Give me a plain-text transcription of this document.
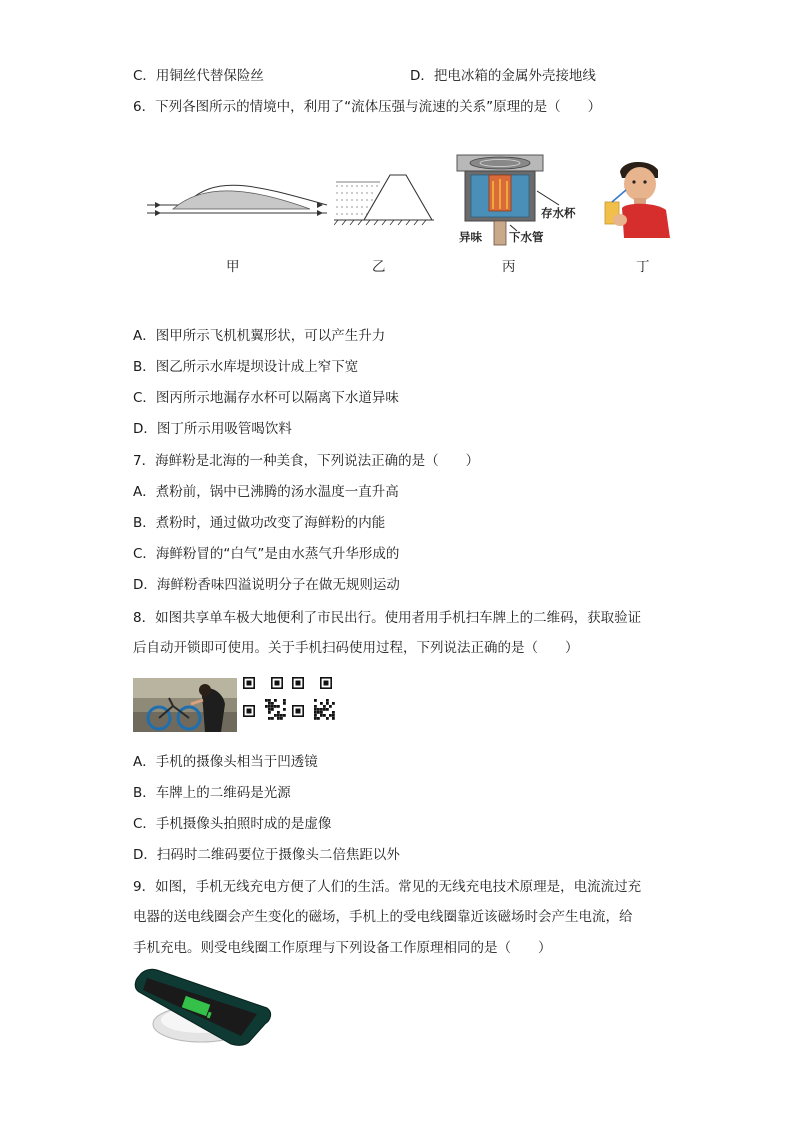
C．用铜丝代替保险丝	D．把电冰箱的金属外壳接地线
6．下列各图所示的情境中，利用了“流体压强与流速的关系”原理的是（　　）
存水杯
异味 下水管
甲	乙	丙	丁
A．图甲所示飞机机翼形状，可以产生升力
B．图乙所示水库堤坝设计成上窄下宽
C．图丙所示地漏存水杯可以隔离下水道异味
D．图丁所示用吸管喝饮料
7．海鲜粉是北海的一种美食，下列说法正确的是（　　）
A．煮粉前，锅中已沸腾的汤水温度一直升高
B．煮粉时，通过做功改变了海鲜粉的内能
C．海鲜粉冒的“白气”是由水蒸气升华形成的
D．海鲜粉香味四溢说明分子在做无规则运动
8．如图共享单车极大地便利了市民出行。使用者用手机扫车牌上的二维码，获取验证
后自动开锁即可使用。关于手机扫码使用过程，下列说法正确的是（　　）
A．手机的摄像头相当于凹透镜
B．车牌上的二维码是光源
C．手机摄像头拍照时成的是虚像
D．扫码时二维码要位于摄像头二倍焦距以外
9．如图，手机无线充电方便了人们的生活。常见的无线充电技术原理是，电流流过充
电器的送电线圈会产生变化的磁场，手机上的受电线圈靠近该磁场时会产生电流，给
手机充电。则受电线圈工作原理与下列设备工作原理相同的是（　　）
